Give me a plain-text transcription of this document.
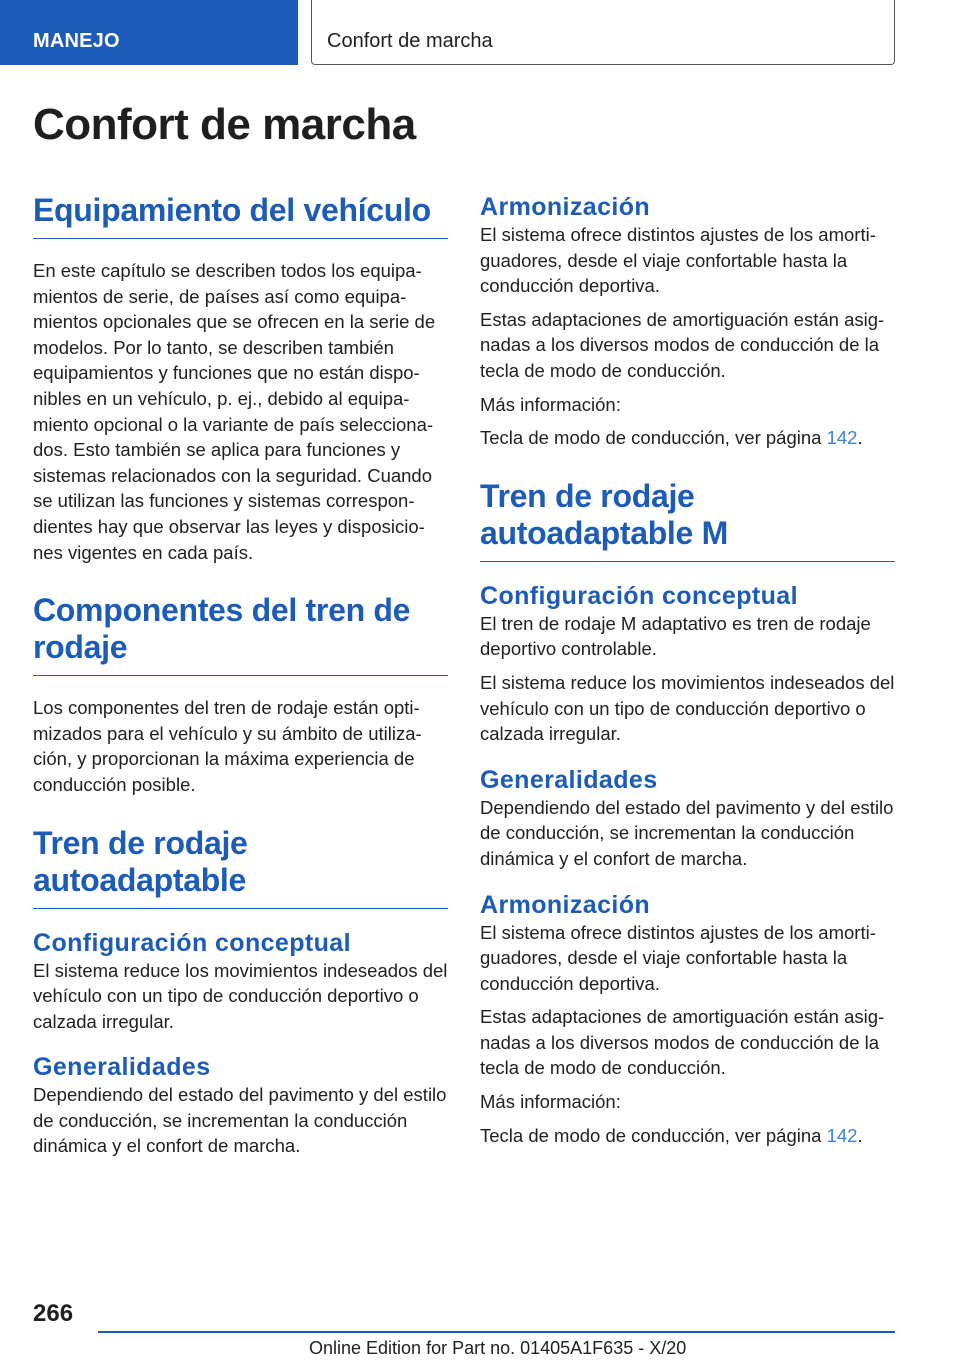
MANEJO	Confort de marcha
Confort de marcha
Equipamiento del vehículo

En este capítulo se describen todos los equipamientos de serie, de países así como equipamientos opcionales que se ofrecen en la serie de modelos. Por lo tanto, se describen también equipamientos y funciones que no están disponibles en un vehículo, p. ej., debido al equipamiento opcional o la variante de país seleccionados. Esto también se aplica para funciones y sistemas relacionados con la seguridad. Cuando se utilizan las funciones y sistemas correspondientes hay que observar las leyes y disposiciones vigentes en cada país.

Componentes del tren de rodaje

Los componentes del tren de rodaje están optimizados para el vehículo y su ámbito de utilización, y proporcionan la máxima experiencia de conducción posible.

Tren de rodaje autoadaptable
Configuración conceptual

El sistema reduce los movimientos indeseados del vehículo con un tipo de conducción deportivo o calzada irregular.

Generalidades

Dependiendo del estado del pavimento y del estilo de conducción, se incrementan la conducción dinámica y el confort de marcha.

Armonización

El sistema ofrece distintos ajustes de los amortiguadores, desde el viaje confortable hasta la conducción deportiva.

Estas adaptaciones de amortiguación están asignadas a los diversos modos de conducción de la tecla de modo de conducción.

Más información:

Tecla de modo de conducción, ver página 142.

Tren de rodaje autoadaptable M
Configuración conceptual

El tren de rodaje M adaptativo es tren de rodaje deportivo controlable.

El sistema reduce los movimientos indeseados del vehículo con un tipo de conducción deportivo o calzada irregular.

Generalidades

Dependiendo del estado del pavimento y del estilo de conducción, se incrementan la conducción dinámica y el confort de marcha.

Armonización

El sistema ofrece distintos ajustes de los amortiguadores, desde el viaje confortable hasta la conducción deportiva.

Estas adaptaciones de amortiguación están asignadas a los diversos modos de conducción de la tecla de modo de conducción.

Más información:

Tecla de modo de conducción, ver página 142.

266
Online Edition for Part no. 01405A1F635 - X/20
